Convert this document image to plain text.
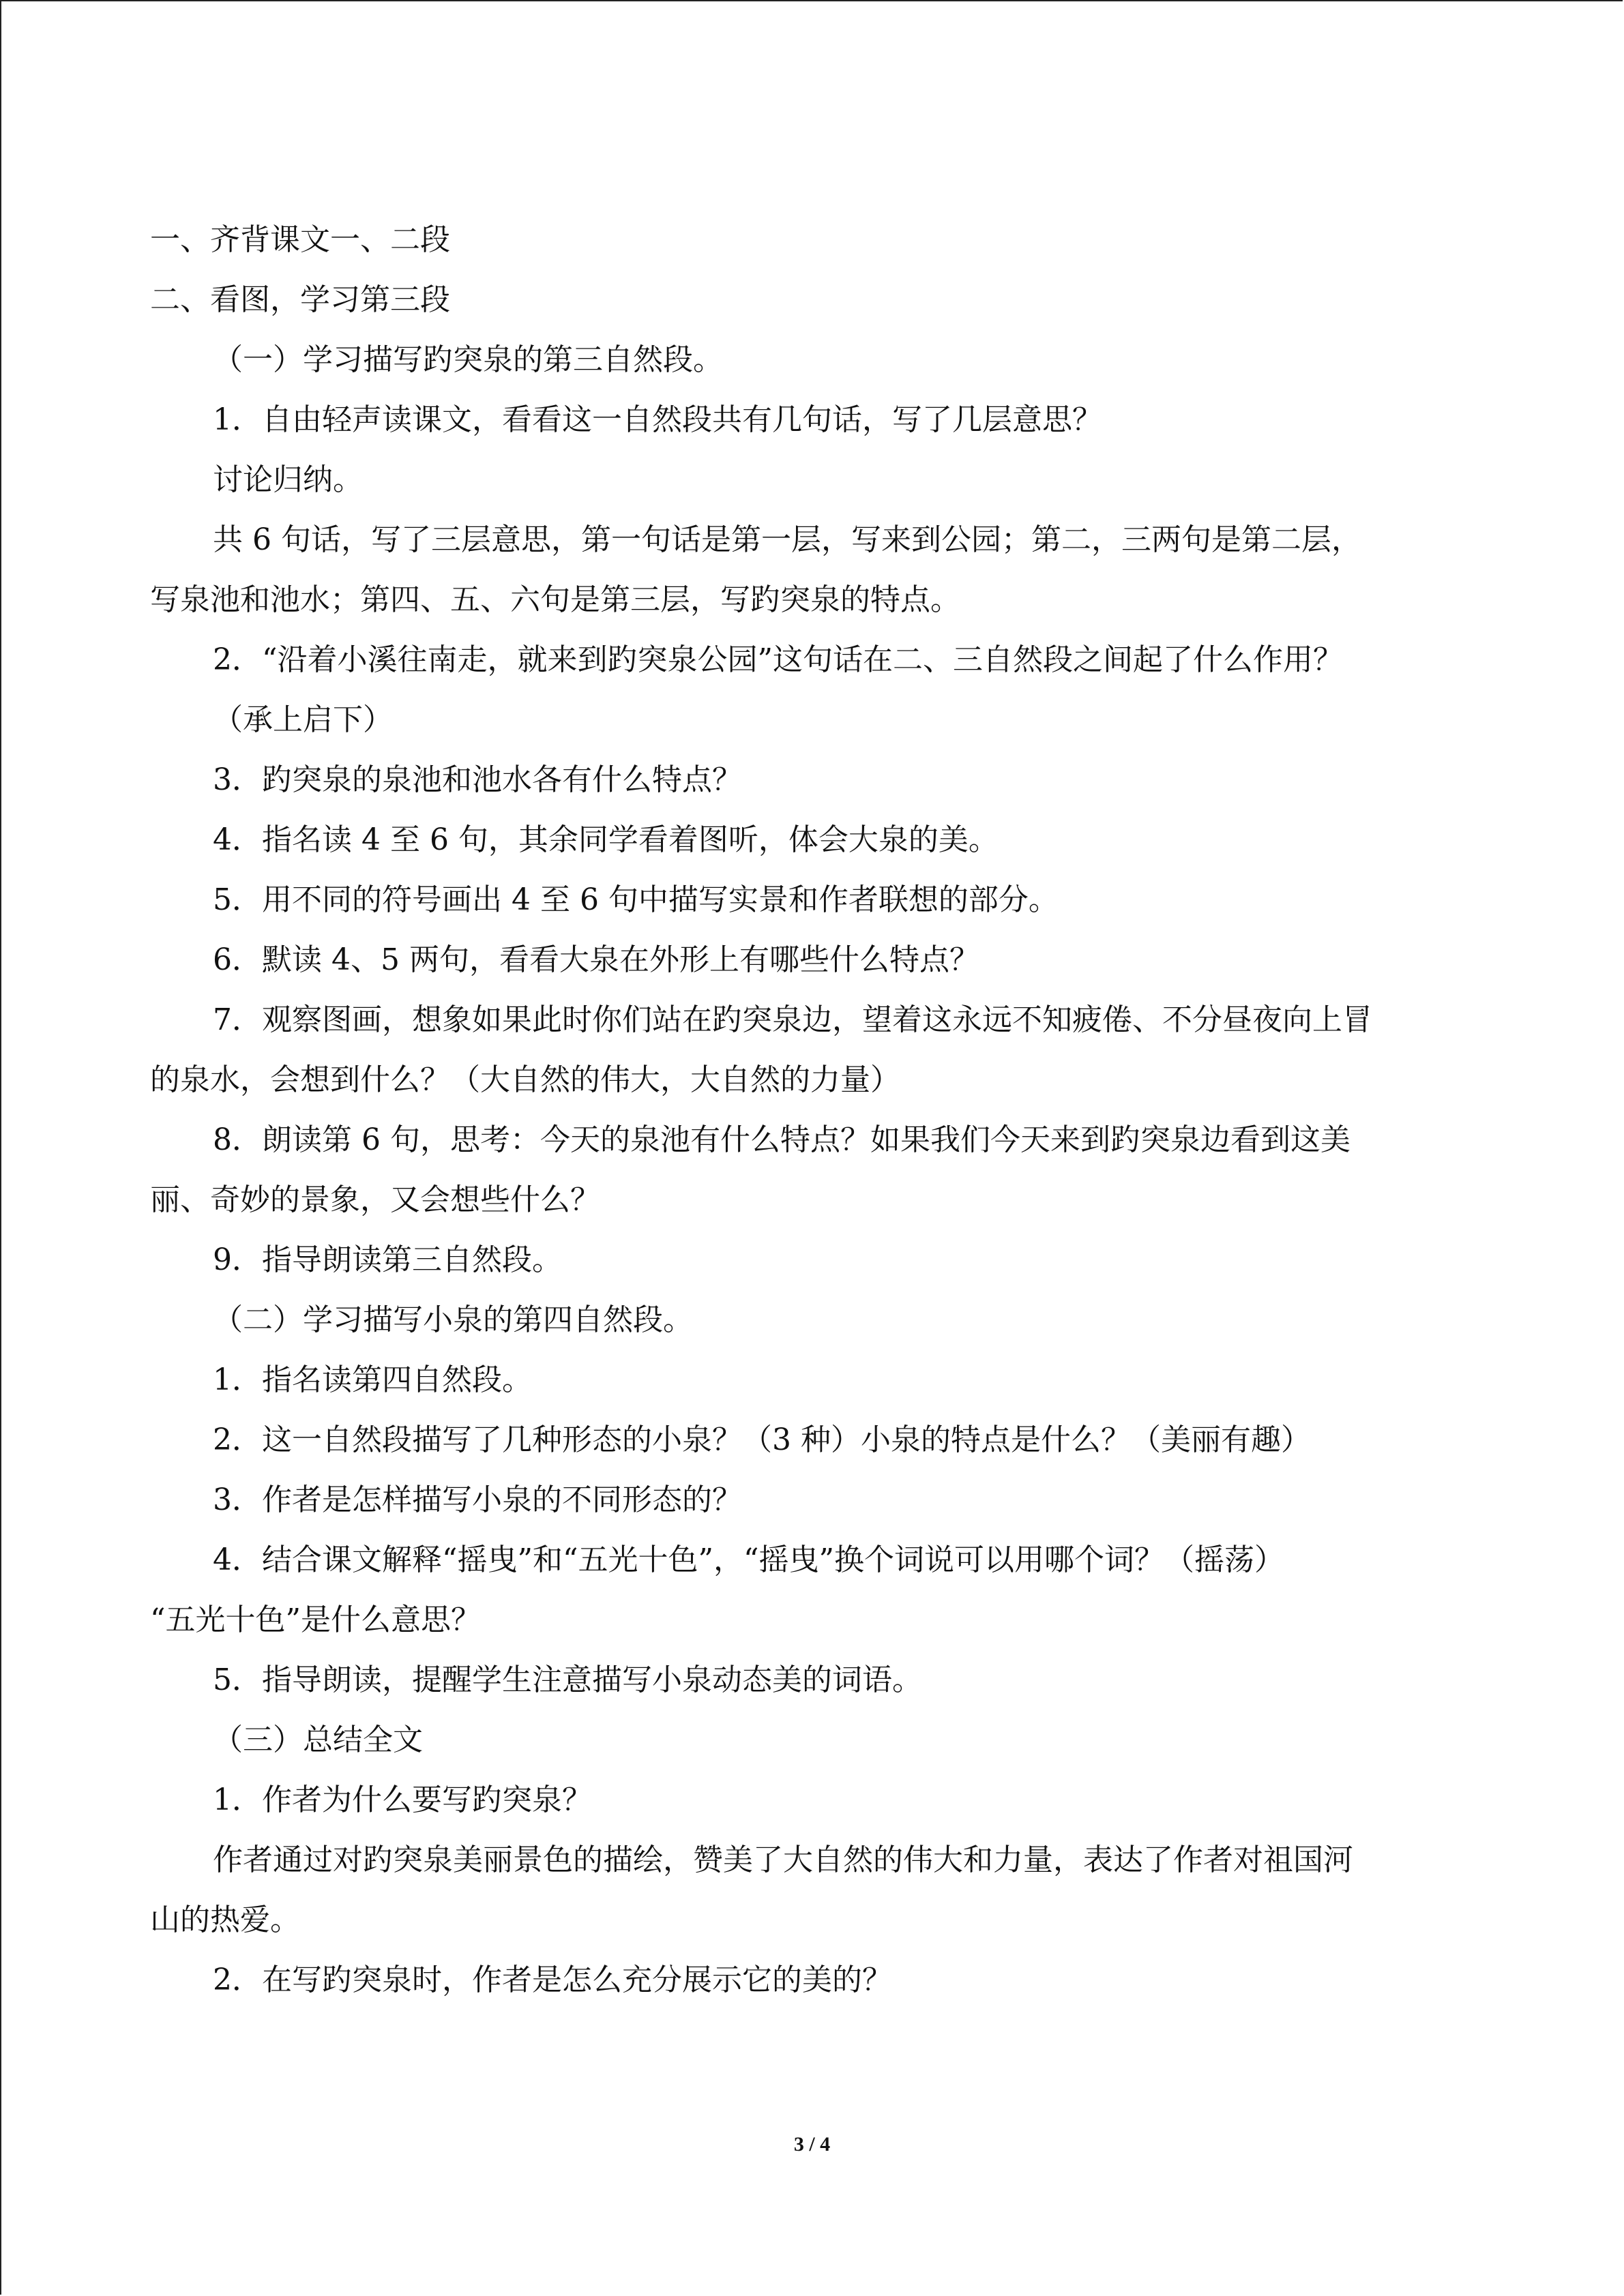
一、齐背课文一、二段
二、看图，学习第三段
（一）学习描写趵突泉的第三自然段。
1．自由轻声读课文，看看这一自然段共有几句话，写了几层意思？
讨论归纳。
共 6 句话，写了三层意思，第一句话是第一层，写来到公园；第二，三两句是第二层，
写泉池和池水；第四、五、六句是第三层，写趵突泉的特点。
2．“沿着小溪往南走，就来到趵突泉公园”这句话在二、三自然段之间起了什么作用？
（承上启下）
3．趵突泉的泉池和池水各有什么特点？
4．指名读 4 至 6 句，其余同学看着图听，体会大泉的美。
5．用不同的符号画出 4 至 6 句中描写实景和作者联想的部分。
6．默读 4、5 两句，看看大泉在外形上有哪些什么特点？
7．观察图画，想象如果此时你们站在趵突泉边，望着这永远不知疲倦、不分昼夜向上冒
的泉水，会想到什么？（大自然的伟大，大自然的力量）
8．朗读第 6 句，思考：今天的泉池有什么特点？如果我们今天来到趵突泉边看到这美
丽、奇妙的景象，又会想些什么？
9．指导朗读第三自然段。
（二）学习描写小泉的第四自然段。
1．指名读第四自然段。
2．这一自然段描写了几种形态的小泉？（3 种）小泉的特点是什么？（美丽有趣）
3．作者是怎样描写小泉的不同形态的？
4．结合课文解释“摇曳”和“五光十色”，“摇曳”换个词说可以用哪个词？（摇荡）
“五光十色”是什么意思？
5．指导朗读，提醒学生注意描写小泉动态美的词语。
（三）总结全文
1．作者为什么要写趵突泉？
作者通过对趵突泉美丽景色的描绘，赞美了大自然的伟大和力量，表达了作者对祖国河
山的热爱。
2．在写趵突泉时，作者是怎么充分展示它的美的？
3 / 4
